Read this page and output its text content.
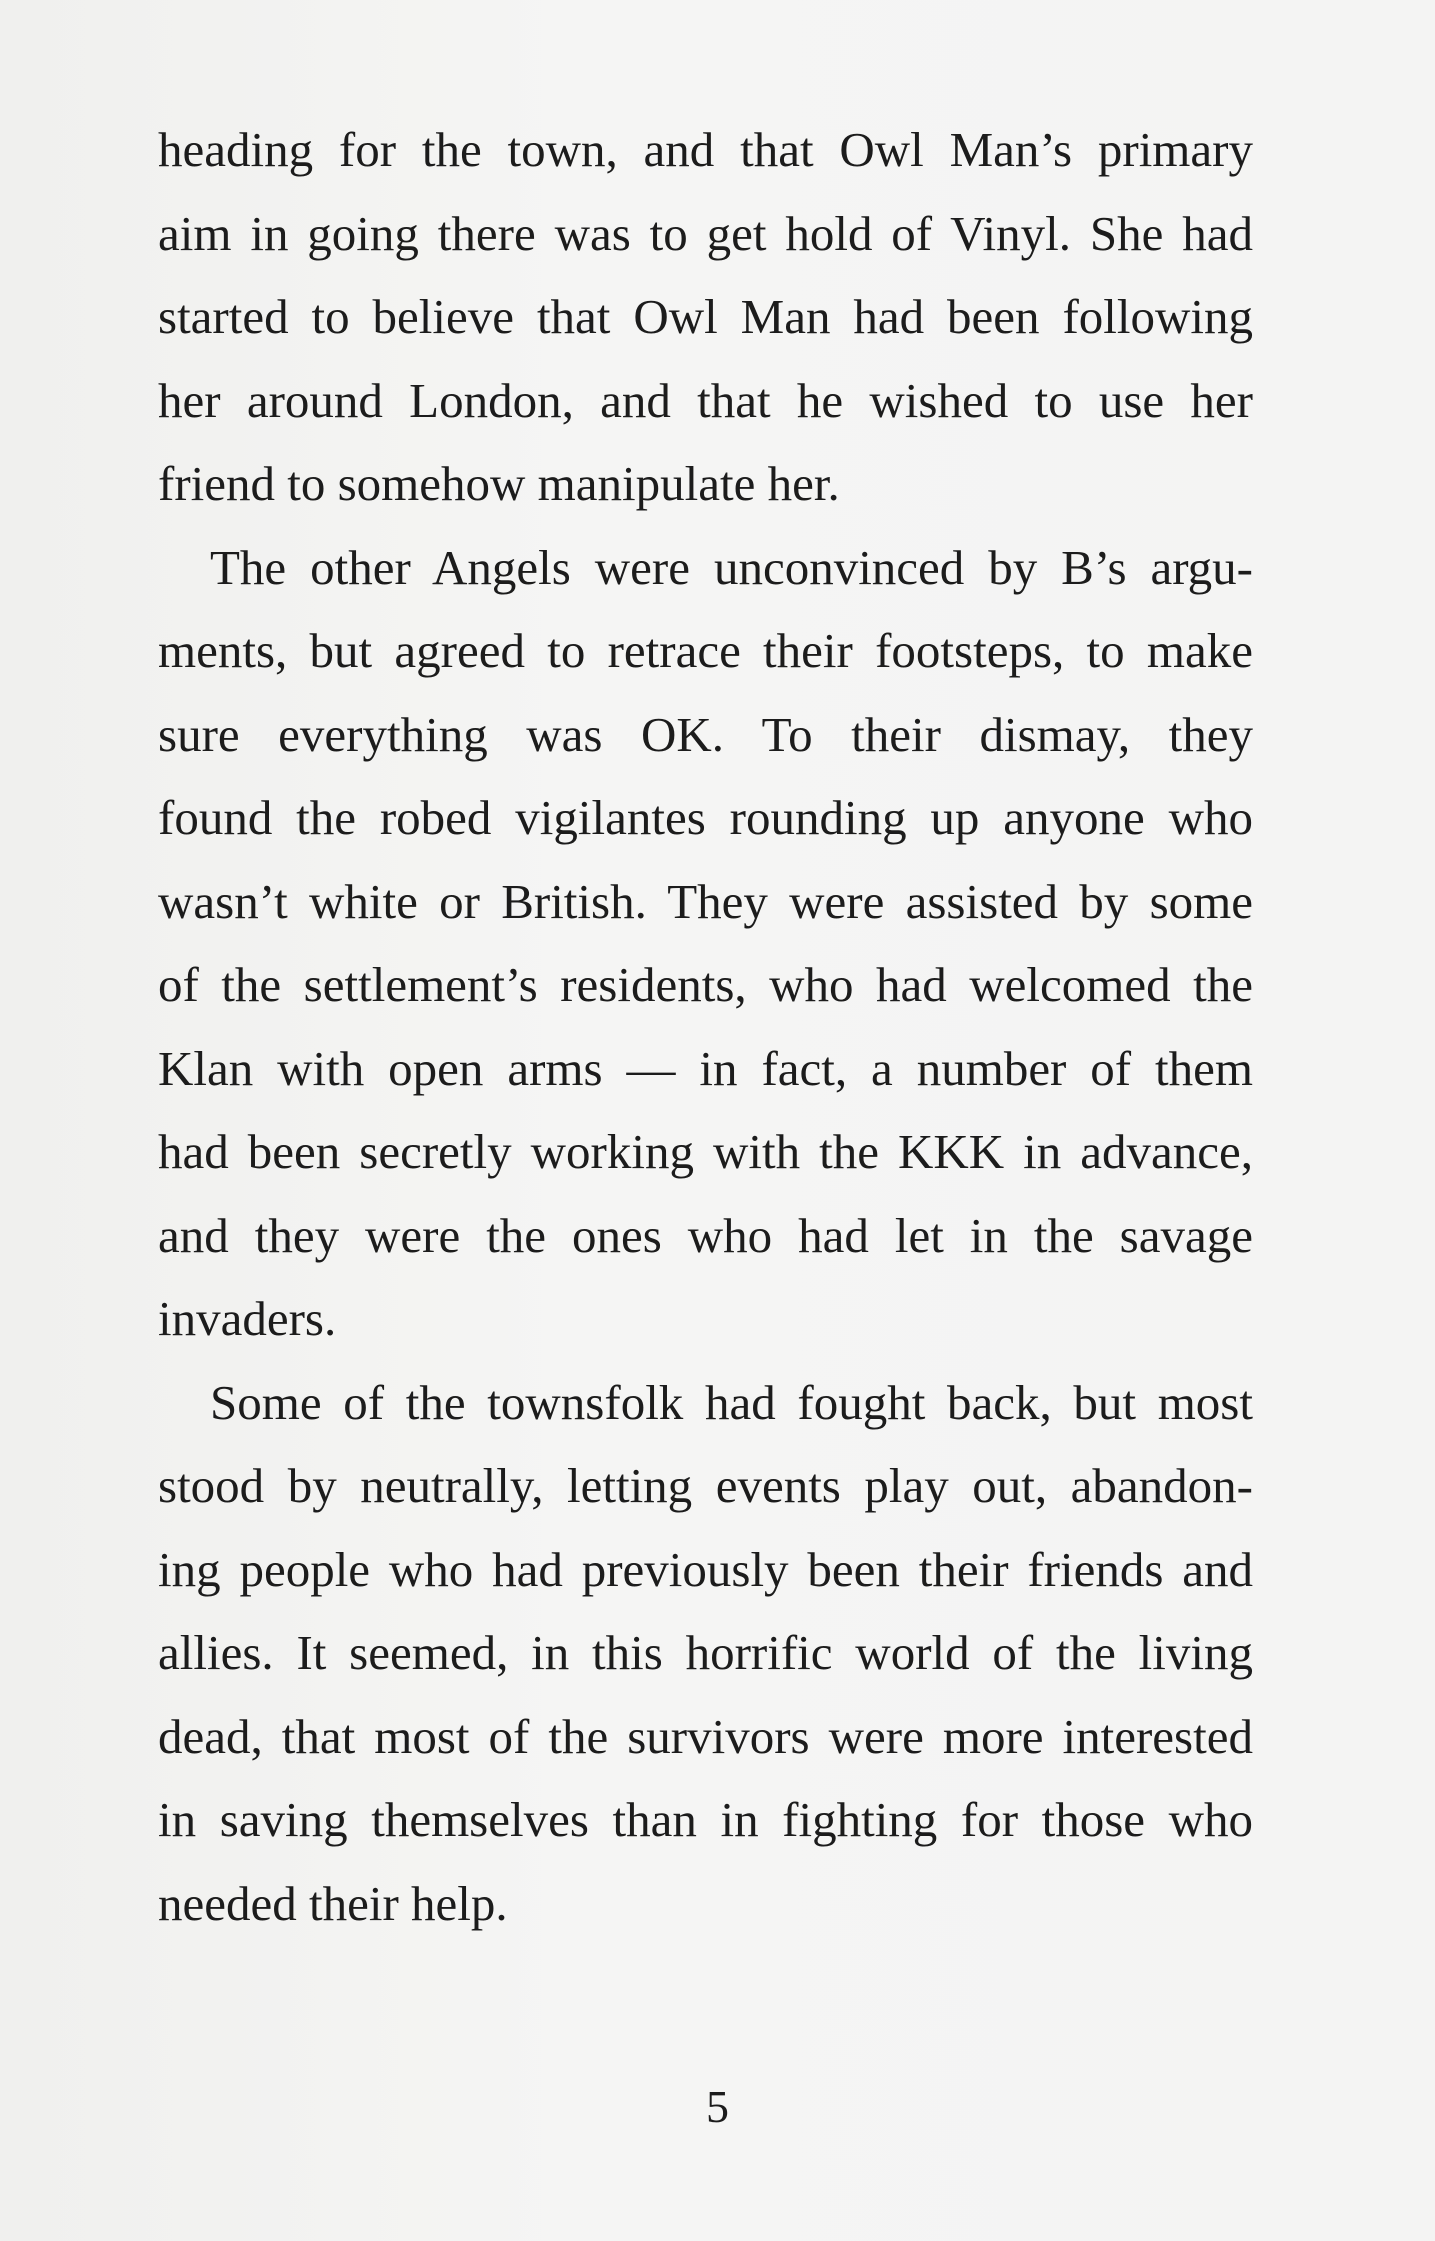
heading for the town, and that Owl Man’s primary
aim in going there was to get hold of Vinyl. She had
started to believe that Owl Man had been following
her around London, and that he wished to use her
friend to somehow manipulate her.
The other Angels were unconvinced by B’s argu-
ments, but agreed to retrace their footsteps, to make
sure everything was OK. To their dismay, they
found the robed vigilantes rounding up anyone who
wasn’t white or British. They were assisted by some
of the settlement’s residents, who had welcomed the
Klan with open arms — in fact, a number of them
had been secretly working with the KKK in advance,
and they were the ones who had let in the savage
invaders.
Some of the townsfolk had fought back, but most
stood by neutrally, letting events play out, abandon-
ing people who had previously been their friends and
allies. It seemed, in this horrific world of the living
dead, that most of the survivors were more interested
in saving themselves than in fighting for those who
needed their help.
5
